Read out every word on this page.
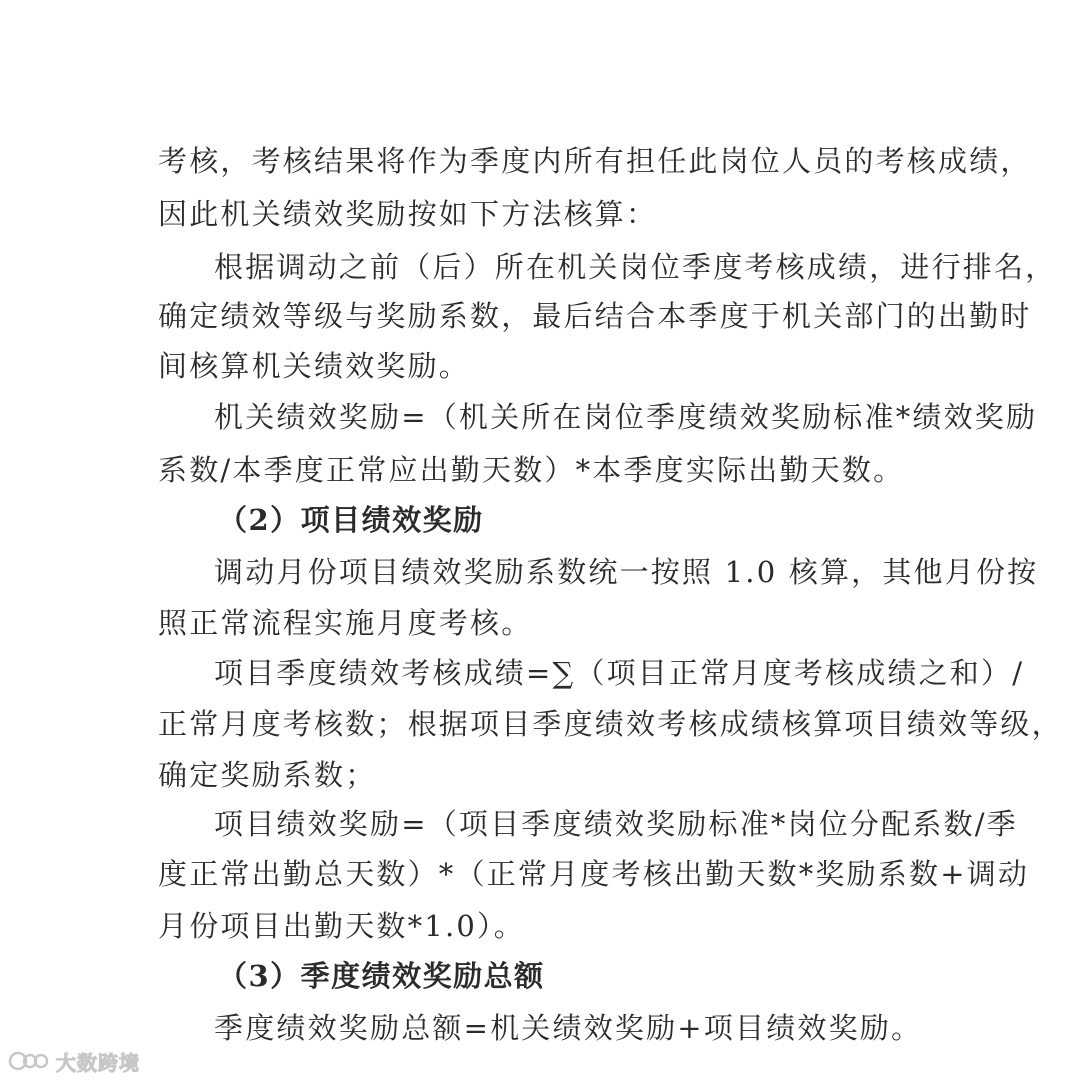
考核，考核结果将作为季度内所有担任此岗位人员的考核成绩，
因此机关绩效奖励按如下方法核算：
根据调动之前（后）所在机关岗位季度考核成绩，进行排名，
确定绩效等级与奖励系数，最后结合本季度于机关部门的出勤时
间核算机关绩效奖励。
机关绩效奖励=（机关所在岗位季度绩效奖励标准*绩效奖励
系数/本季度正常应出勤天数）*本季度实际出勤天数。
（2）项目绩效奖励
调动月份项目绩效奖励系数统一按照 1.0 核算，其他月份按
照正常流程实施月度考核。
项目季度绩效考核成绩=∑（项目正常月度考核成绩之和）/
正常月度考核数；根据项目季度绩效考核成绩核算项目绩效等级，
确定奖励系数；
项目绩效奖励=（项目季度绩效奖励标准*岗位分配系数/季
度正常出勤总天数）*（正常月度考核出勤天数*奖励系数+调动
月份项目出勤天数*1.0）。
（3）季度绩效奖励总额
季度绩效奖励总额=机关绩效奖励+项目绩效奖励。
大数跨境
